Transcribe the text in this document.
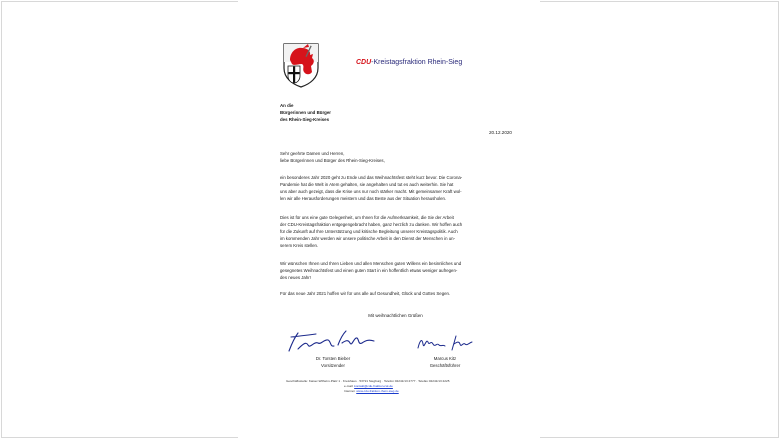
CDU-Kreistagsfraktion Rhein-Sieg
An die
Bürgerinnen und Bürger
des Rhein-Sieg-Kreises
20.12.2020
Sehr geehrte Damen und Herren,
liebe Bürgerinnen und Bürger des Rhein-Sieg-Kreises,
ein besonderes Jahr 2020 geht zu Ende und das Weihnachtsfest steht kurz bevor. Die Corona-
Pandemie hat die Welt in Atem gehalten, sie angehalten und tut es auch weiterhin. Sie hat
uns aber auch gezeigt, dass die Krise uns nur noch stärker macht. Mit gemeinsamer Kraft wol-
len wir alle Herausforderungen meistern und das Beste aus der Situation herausholen.
Dies ist für uns eine gute Gelegenheit, um Ihnen für die Aufmerksamkeit, die Sie der Arbeit
der CDU-Kreistagsfraktion entgegengebracht haben, ganz herzlich zu danken. Wir hoffen auch
für die Zukunft auf Ihre Unterstützung und kritische Begleitung unserer Kreistagspolitik. Auch
im kommenden Jahr werden wir unsere politische Arbeit in den Dienst der Menschen in un-
serem Kreis stellen.
Wir wünschen Ihnen und Ihren Lieben und allen Menschen guten Willens ein besinnliches und
gesegnetes Weihnachtsfest und einen guten Start in ein hoffentlich etwas weniger aufregen-
des neues Jahr!
Für das neue Jahr 2021 hoffen wir für uns alle auf Gesundheit, Glück und Gottes Segen.
Mit weihnachtlichen Grüßen
Dr. Torsten Bieber
Vorsitzender
Marcus Kitz
Geschäftsführer
Geschäftsstelle: Kaiser-Wilhelm-Platz 1 · Kreishaus · 53721 Siegburg · Telefon 02241/13 2777 · Telefax 02241/13 2225
e-mail: kontakt@cdu-fraktion-rsk.de
Internet: www.cdu-fraktion-rhein-sieg.de
